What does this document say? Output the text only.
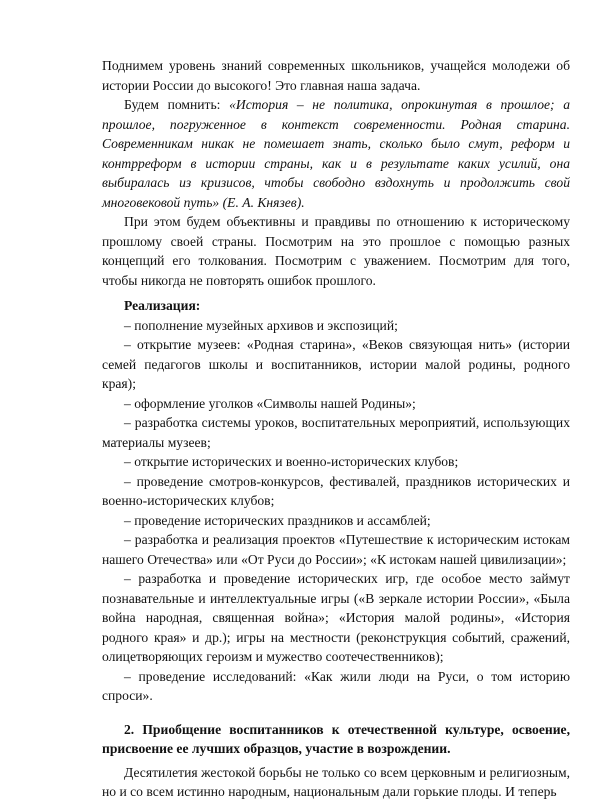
Поднимем уровень знаний современных школьников, учащейся молодежи об истории России до высокого! Это главная наша задача.

Будем помнить: «История – не политика, опрокинутая в прошлое; а прошлое, погруженное в контекст современности. Родная старина. Современникам никак не помешает знать, сколько было смут, реформ и контрреформ в истории страны, как и в результате каких усилий, она выбиралась из кризисов, чтобы свободно вздохнуть и продолжить свой многовековой путь» (Е. А. Князев).

При этом будем объективны и правдивы по отношению к историческому прошлому своей страны. Посмотрим на это прошлое с помощью разных концепций его толкования. Посмотрим с уважением. Посмотрим для того, чтобы никогда не повторять ошибок прошлого.

Реализация:

– пополнение музейных архивов и экспозиций;

– открытие музеев: «Родная старина», «Веков связующая нить» (истории семей педагогов школы и воспитанников, истории малой родины, родного края);

– оформление уголков «Символы нашей Родины»;

– разработка системы уроков, воспитательных мероприятий, использующих материалы музеев;

– открытие исторических и военно-исторических клубов;

– проведение смотров-конкурсов, фестивалей, праздников исторических и военно-исторических клубов;

– проведение исторических праздников и ассамблей;

– разработка и реализация проектов «Путешествие к историческим истокам нашего Отечества» или «От Руси до России»; «К истокам нашей цивилизации»;

– разработка и проведение исторических игр, где особое место займут познавательные и интеллектуальные игры («В зеркале истории России», «Была война народная, священная война»; «История малой родины», «История родного края» и др.); игры на местности (реконструкция событий, сражений, олицетворяющих героизм и мужество соотечественников);

– проведение исследований: «Как жили люди на Руси, о том историю спроси».

2. Приобщение воспитанников к отечественной культуре, освоение, присвоение ее лучших образцов, участие в возрождении.

Десятилетия жестокой борьбы не только со всем церковным и религиозным, но и со всем истинно народным, национальным дали горькие плоды. И теперь
